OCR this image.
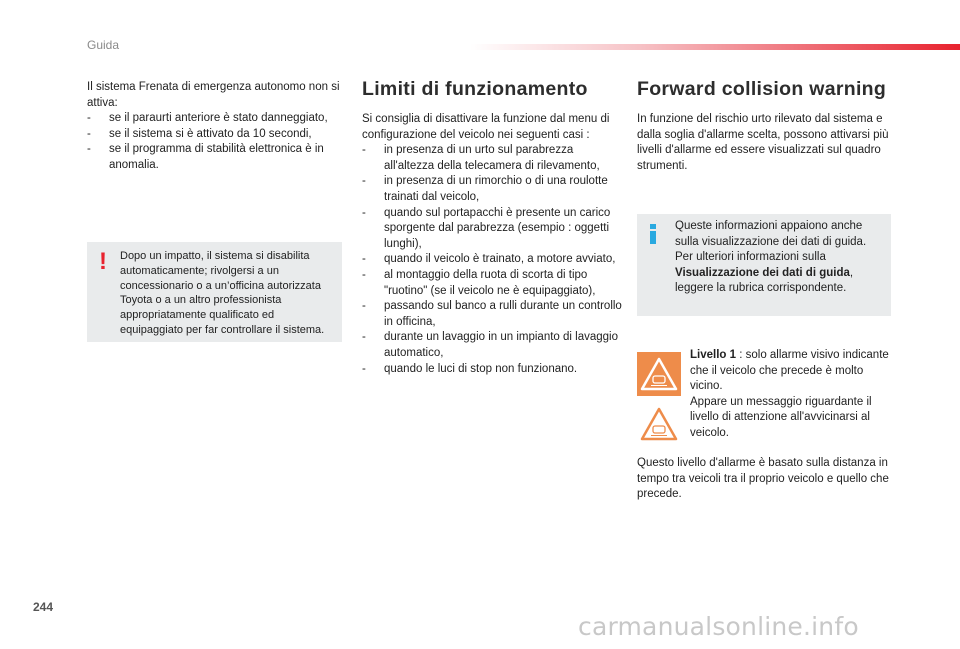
Guida

Il sistema Frenata di emergenza autonomo non si attiva:

- se il paraurti anteriore è stato danneggiato,
- se il sistema si è attivato da 10 secondi,
- se il programma di stabilità elettronica è in anomalia.
! Dopo un impatto, il sistema si disabilita automaticamente; rivolgersi a un concessionario o a un’officina autorizzata Toyota o a un altro professionista appropriatamente qualificato ed equipaggiato per far controllare il sistema.
Limiti di funzionamento

Si consiglia di disattivare la funzione dal menu di configurazione del veicolo nei seguenti casi :

- in presenza di un urto sul parabrezza all'altezza della telecamera di rilevamento,
- in presenza di un rimorchio o di una roulotte trainati dal veicolo,
- quando sul portapacchi è presente un carico sporgente dal parabrezza (esempio : oggetti lunghi),
- quando il veicolo è trainato, a motore avviato,
- al montaggio della ruota di scorta di tipo "ruotino" (se il veicolo ne è equipaggiato),
- passando sul banco a rulli durante un controllo in officina,
- durante un lavaggio in un impianto di lavaggio automatico,
- quando le luci di stop non funzionano.
Forward collision warning

In funzione del rischio urto rilevato dal sistema e dalla soglia d'allarme scelta, possono attivarsi più livelli d'allarme ed essere visualizzati sul quadro strumenti.

Queste informazioni appaiono anche sulla visualizzazione dei dati di guida. Per ulteriori informazioni sulla Visualizzazione dei dati di guida, leggere la rubrica corrispondente.

Livello 1 : solo allarme visivo indicante che il veicolo che precede è molto vicino.

Appare un messaggio riguardante il livello di attenzione all'avvicinarsi al veicolo.

Questo livello d'allarme è basato sulla distanza in tempo tra veicoli tra il proprio veicolo e quello che precede.
244
carmanualsonline.info
